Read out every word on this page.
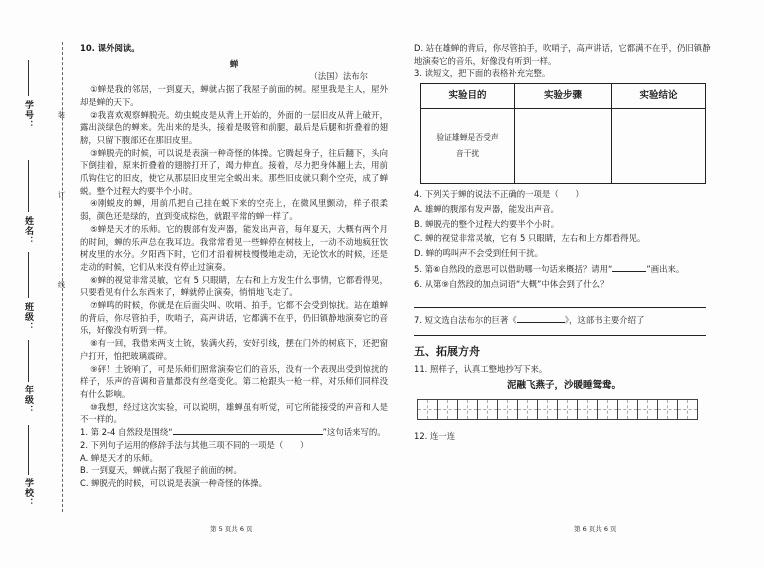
学号：
姓名：
班级：
年级：
学校：
装
订
线

10. 课外阅读。

蝉

（法国）法布尔

①蝉是我的邻居，一到夏天，蝉就占据了我屋子前面的树。屋里我是主人，屋外却是蝉的天下。

②我喜欢观察蝉脱壳。幼虫蜕皮是从背上开始的，外面的一层旧皮从背上破开，露出淡绿色的蝉来。先出来的是头，接着是吸管和前腿，最后是后腿和折叠着的翅膀，只留下腹部还在那旧皮里。

③蝉脱壳的时候，可以说是表演一种奇怪的体操。它腾起身子，往后翻下，头向下倒挂着，原来折叠着的翅膀打开了，竭力伸直。接着，尽力把身体翻上去，用前爪钩住它的旧皮，使它从那层旧皮里完全蜕出来。那些旧皮就只剩个空壳，成了蝉蜕。整个过程大约要半个小时。

④刚蜕皮的蝉，用前爪把自己挂在蜕下来的空壳上，在微风里颤动，样子很柔弱，颜色还是绿的，直到变成棕色，就跟平常的蝉一样了。

⑤蝉是天才的乐师。它的腹部有发声器，能发出声音，每年夏天，大概有两个月的时间，蝉的乐声总在我耳边。我常常看见一些蝉停在树枝上，一动不动地疯狂饮树皮里的水分。夕阳西下时，它们才沿着树枝慢慢地走动，无论饮水的时候，还是走动的时候，它们从来没有停止过演奏。

⑥蝉的视觉非常灵敏，它有 5 只眼睛，左右和上方发生什么事情，它都看得见，只要看见有什么东西来了，蝉就停止演奏，悄悄地飞走了。

⑦蝉鸣的时候，你就是在后面尖叫、吹哨、拍手，它都不会受到惊扰。站在雄蝉的背后，你尽管拍手，吹哨子，高声讲话，它都满不在乎，仍旧镇静地演奏它的音乐，好像没有听到一样。

⑧有一回，我借来两支土铳，装满火药，安好引线，摆在门外的树底下，还把窗户打开，怕把玻璃震碎。

⑨砰！土铳响了，可是乐师们照常演奏它们的音乐，没有一个表现出受到惊扰的样子，乐声的音调和音量都没有丝毫变化。第二枪跟头一枪一样，对乐师们同样没有什么影响。

⑩我想，经过这次实验，可以说明，雄蝉虽有听觉，可它所能接受的声音和人是不一样的。

1. 第 2-4 自然段是围绕“	”这句话来写的。

2. 下列句子运用的修辞手法与其他三项不同的一项是（　　）

A. 蝉是天才的乐师。

B. 一到夏天，蝉就占据了我屋子前面的树。

C. 蝉脱壳的时候，可以说是表演一种奇怪的体操。

第 5 页共 6 页

D. 站在雄蝉的背后，你尽管拍手，吹哨子，高声讲话，它都满不在乎，仍旧镇静地演奏它的音乐，好像没有听到一样。

3. 读短文，把下面的表格补充完整。

实验目的	实验步骤	实验结论
验证雄蝉是否受声音干扰		

4. 下列关于蝉的说法不正确的一项是（　　）

A. 雄蝉的腹部有发声器，能发出声音。

B. 蝉脱壳的整个过程大约要半个小时。

C. 蝉的视觉非常灵敏，它有 5 只眼睛，左右和上方都看得见。

D. 蝉的鸣叫声不会受到任何干扰。

5. 第⑥自然段的意思可以借助哪一句话来概括？请用“	”画出来。

6. 从第⑨自然段的加点词语“大概”中体会到了什么？

7. 短文选自法布尔的巨著《	》，这部书主要介绍了

五、拓展方舟

11. 照样子，认真工整地抄写下来。

泥融飞燕子，沙暖睡鸳鸯。

12. 连一连

第 6 页共 6 页
